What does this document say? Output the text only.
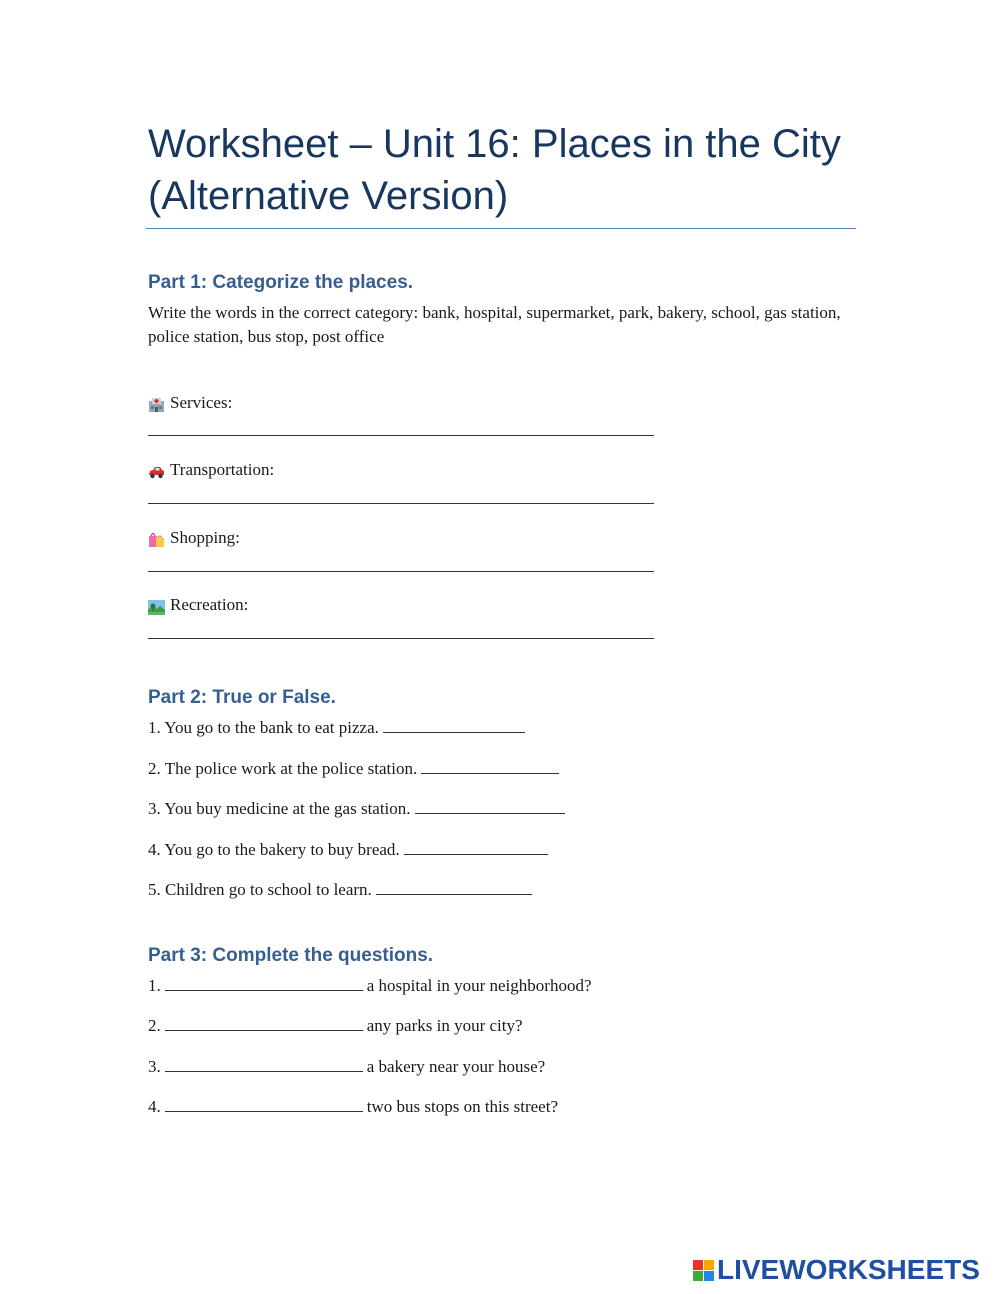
Worksheet – Unit 16: Places in the City (Alternative Version)
Part 1: Categorize the places.

Write the words in the correct category: bank, hospital, supermarket, park, bakery, school, gas station, police station, bus stop, post office

Services:
Transportation:
Shopping:
Recreation:
Part 2: True or False.

1. You go to the bank to eat pizza.

2. The police work at the police station.

3. You buy medicine at the gas station.

4. You go to the bakery to buy bread.

5. Children go to school to learn.

Part 3: Complete the questions.

1.	a hospital in your neighborhood?

2.	any parks in your city?

3.	a bakery near your house?

4.	two bus stops on this street?

LIVEWORKSHEETS
